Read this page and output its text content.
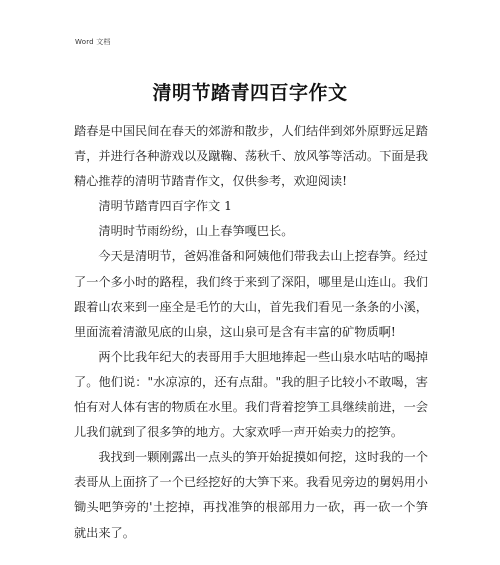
Word 文档
清明节踏青四百字作文

踏春是中国民间在春天的郊游和散步，人们结伴到郊外原野远足踏青，并进行各种游戏以及蹴鞠、荡秋千、放风筝等活动。下面是我精心推荐的清明节踏青作文，仅供参考，欢迎阅读!

清明节踏青四百字作文 1

清明时节雨纷纷，山上春笋嘎巴长。

今天是清明节，爸妈准备和阿姨他们带我去山上挖春笋。经过了一个多小时的路程，我们终于来到了深阳，哪里是山连山。我们跟着山农来到一座全是毛竹的大山，首先我们看见一条条的小溪，里面流着清澈见底的山泉，这山泉可是含有丰富的矿物质啊!

两个比我年纪大的表哥用手大胆地捧起一些山泉水咕咕的喝掉了。他们说："水凉凉的，还有点甜。"我的胆子比较小不敢喝，害怕有对人体有害的物质在水里。我们背着挖笋工具继续前进，一会儿我们就到了很多笋的地方。大家欢呼一声开始卖力的挖笋。

我找到一颗刚露出一点头的笋开始捉摸如何挖，这时我的一个表哥从上面挤了一个已经挖好的大笋下来。我看见旁边的舅妈用小锄头吧笋旁的'土挖掉，再找准笋的根部用力一砍，再一砍一个笋就出来了。
